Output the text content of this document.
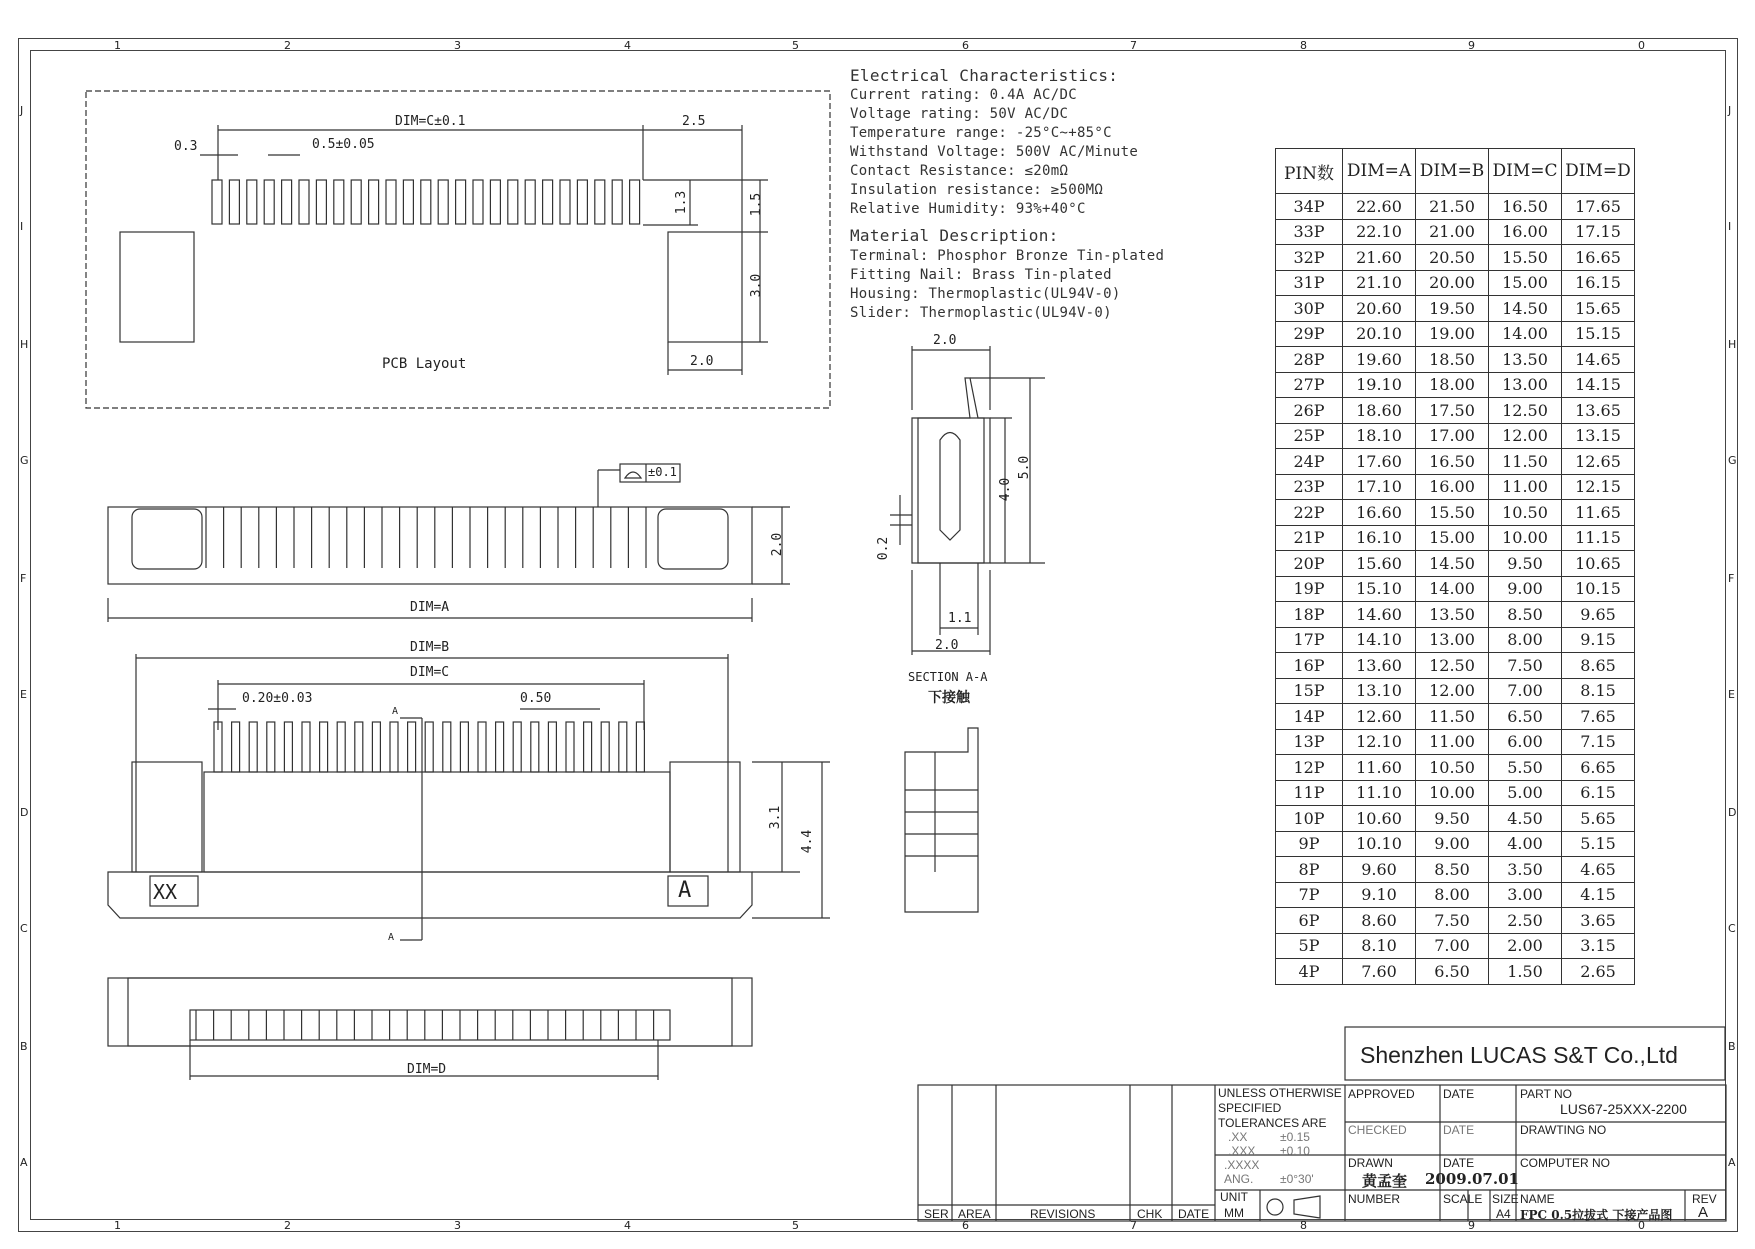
1	2	3	4	5	6	7	8	9	0
1	2	3	4	5	6	7	8	9	0
J
I
H
G
F
E
D
C
B
A
J
I
H
G
F
E
D
C
B
A
Electrical Characteristics:
Current rating: 0.4A AC/DC
Voltage rating: 50V AC/DC
Temperature range: -25°C~+85°C
Withstand Voltage: 500V AC/Minute
Contact Resistance: ≤20mΩ
Insulation resistance: ≥500MΩ
Relative Humidity: 93%+40°C
Material Description:
Terminal: Phosphor Bronze Tin-plated
Fitting Nail: Brass Tin-plated
Housing: Thermoplastic(UL94V-0)
Slider: Thermoplastic(UL94V-0)
DIM=C±0.1	2.5
0.3	0.5±0.05
1.3	1.5
3.0
2.0
PCB Layout
±0.1
DIM=A
2.0
DIM=B
DIM=C
0.20±0.03	0.50
3.1
4.4
XX	A
A
A
DIM=D
2.0
4.0
5.0
0.2
1.1
2.0
SECTION A-A
下接触
PIN数	DIM=A	DIM=B	DIM=C	DIM=D
34P	22.60	21.50	16.50	17.65
33P	22.10	21.00	16.00	17.15
32P	21.60	20.50	15.50	16.65
31P	21.10	20.00	15.00	16.15
30P	20.60	19.50	14.50	15.65
29P	20.10	19.00	14.00	15.15
28P	19.60	18.50	13.50	14.65
27P	19.10	18.00	13.00	14.15
26P	18.60	17.50	12.50	13.65
25P	18.10	17.00	12.00	13.15
24P	17.60	16.50	11.50	12.65
23P	17.10	16.00	11.00	12.15
22P	16.60	15.50	10.50	11.65
21P	16.10	15.00	10.00	11.15
20P	15.60	14.50	9.50	10.65
19P	15.10	14.00	9.00	10.15
18P	14.60	13.50	8.50	9.65
17P	14.10	13.00	8.00	9.15
16P	13.60	12.50	7.50	8.65
15P	13.10	12.00	7.00	8.15
14P	12.60	11.50	6.50	7.65
13P	12.10	11.00	6.00	7.15
12P	11.60	10.50	5.50	6.65
11P	11.10	10.00	5.00	6.15
10P	10.60	9.50	4.50	5.65
9P	10.10	9.00	4.00	5.15
8P	9.60	8.50	3.50	4.65
7P	9.10	8.00	3.00	4.15
6P	8.60	7.50	2.50	3.65
5P	8.10	7.00	2.00	3.15
4P	7.60	6.50	1.50	2.65
Shenzhen LUCAS S&T Co.,Ltd
UNLESS OTHERWISE
SPECIFIED
TOLERANCES ARE
.XX	±0.15
.XXX ±0.10
.XXXX
ANG. ±0°30'
UNIT
MM
APPROVED DATE
CHECKED	DATE
DRAWN	DATE
黄孟奎 2009.07.01
PART NO
LUS67-25XXX-2200
DRAWTING NO
COMPUTER NO
NUMBER	SCALE SIZE
A4
NAME
FPC 0.5拉拔式 下接产品图
REV
A
SER AREA	REVISIONS	CHK DATE
